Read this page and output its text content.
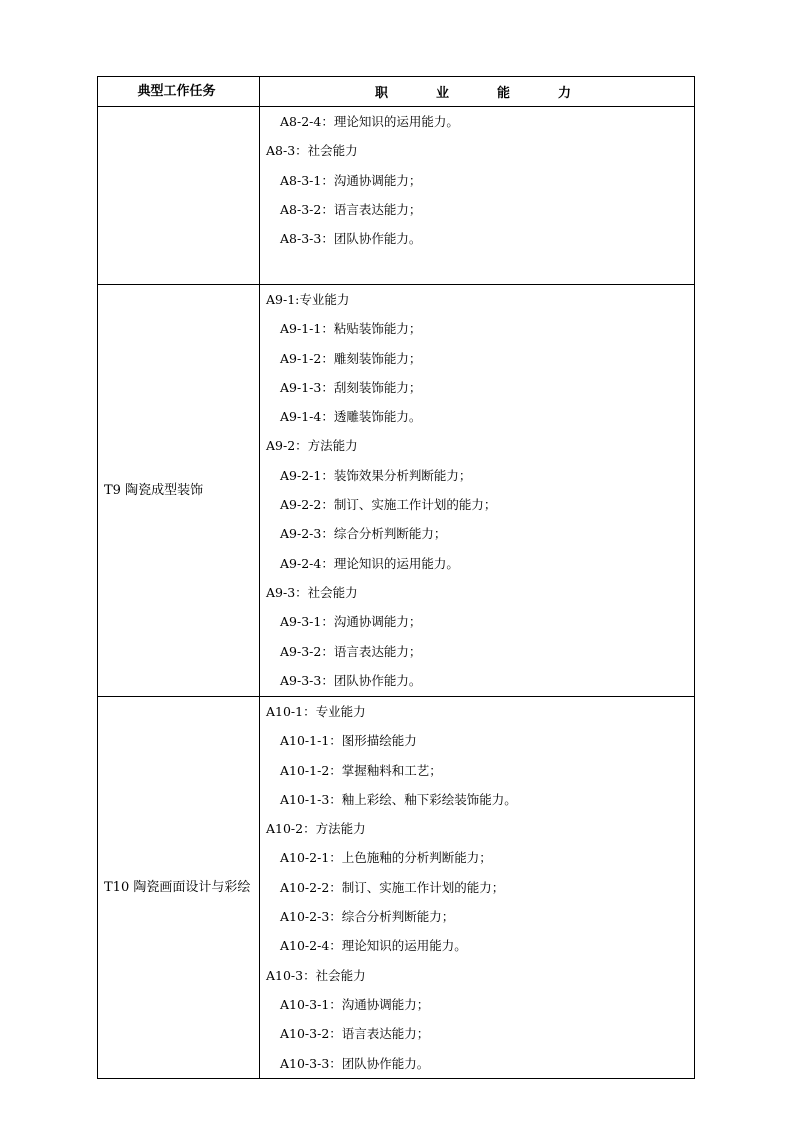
典型工作任务	职业能力
A8-2-4：理论知识的运用能力。
A8-3：社会能力
A8-3-1：沟通协调能力；
A8-3-2：语言表达能力；
A8-3-3：团队协作能力。
T9 陶瓷成型装饰
A9-1:专业能力
A9-1-1：粘贴装饰能力；
A9-1-2：雕刻装饰能力；
A9-1-3：刮刻装饰能力；
A9-1-4：透雕装饰能力。
A9-2：方法能力
A9-2-1：装饰效果分析判断能力；
A9-2-2：制订、实施工作计划的能力；
A9-2-3：综合分析判断能力；
A9-2-4：理论知识的运用能力。
A9-3：社会能力
A9-3-1：沟通协调能力；
A9-3-2：语言表达能力；
A9-3-3：团队协作能力。
T10 陶瓷画面设计与彩绘
A10-1：专业能力
A10-1-1：图形描绘能力
A10-1-2：掌握釉料和工艺；
A10-1-3：釉上彩绘、釉下彩绘装饰能力。
A10-2：方法能力
A10-2-1：上色施釉的分析判断能力；
A10-2-2：制订、实施工作计划的能力；
A10-2-3：综合分析判断能力；
A10-2-4：理论知识的运用能力。
A10-3：社会能力
A10-3-1：沟通协调能力；
A10-3-2：语言表达能力；
A10-3-3：团队协作能力。
